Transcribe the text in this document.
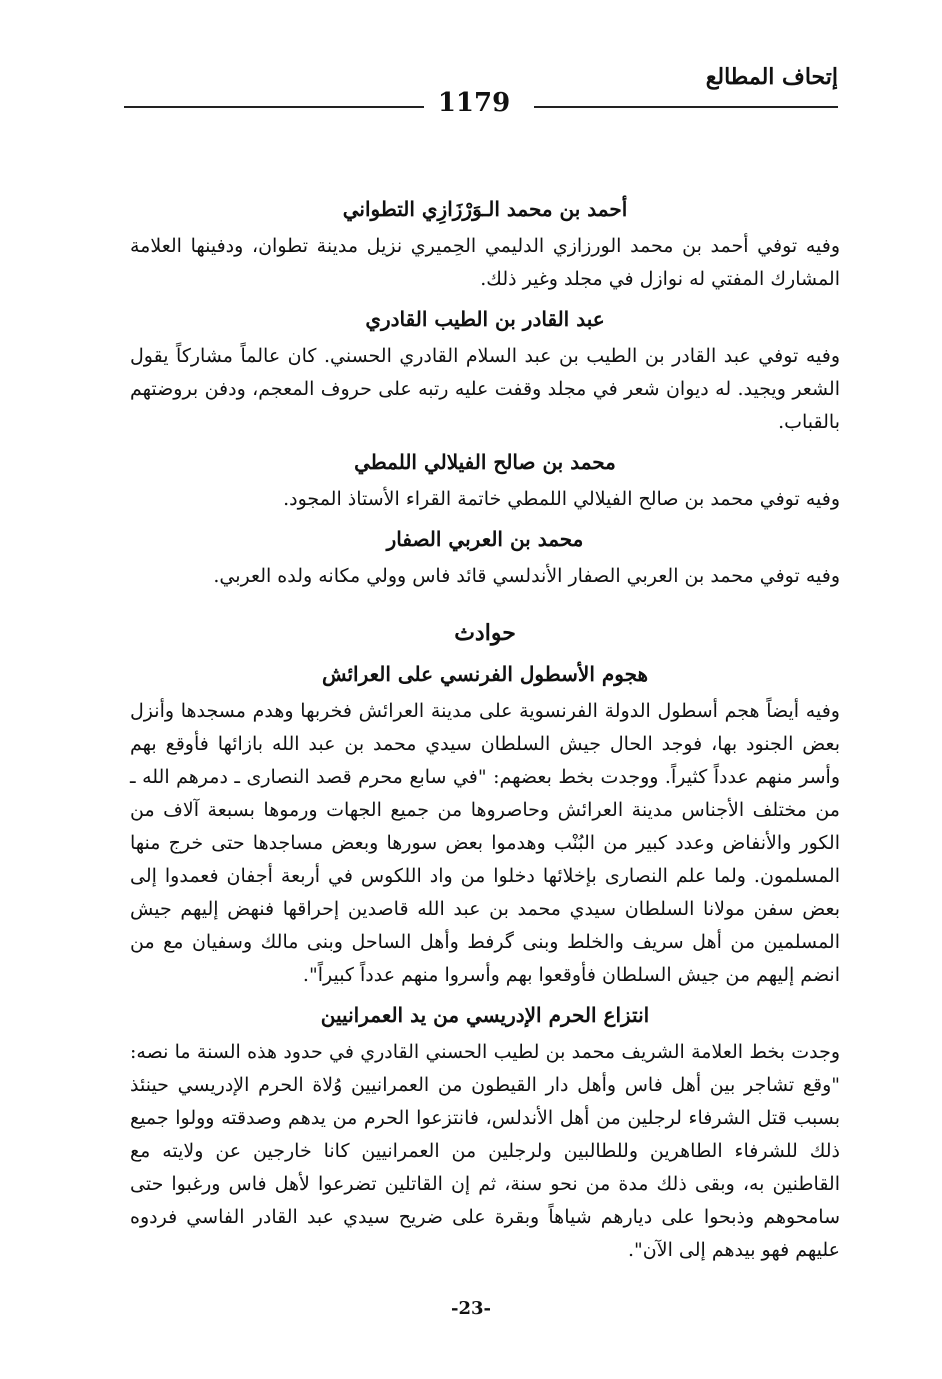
إتحاف المطالع
1179
أحمد بن محمد الـوَرْزَازِي التطواني

وفيه توفي أحمد بن محمد الورزازي الدليمي الحِميري نزيل مدينة تطوان، ودفينها العلامة المشارك المفتي له نوازل في مجلد وغير ذلك.

عبد القادر بن الطيب القادري

وفيه توفي عبد القادر بن الطيب بن عبد السلام القادري الحسني. كان عالماً مشاركاً يقول الشعر ويجيد. له ديوان شعر في مجلد وقفت عليه رتبه على حروف المعجم، ودفن بروضتهم بالقباب.

محمد بن صالح الفيلالي اللمطي

وفيه توفي محمد بن صالح الفيلالي اللمطي خاتمة القراء الأستاذ المجود.

محمد بن العربي الصفار

وفيه توفي محمد بن العربي الصفار الأندلسي قائد فاس وولي مكانه ولده العربي.

حوادث
هجوم الأسطول الفرنسي على العرائش

وفيه أيضاً هجم أسطول الدولة الفرنسوية على مدينة العرائش فخربها وهدم مسجدها وأنزل بعض الجنود بها، فوجد الحال جيش السلطان سيدي محمد بن عبد الله بازائها فأوقع بهم وأسر منهم عدداً كثيراً. ووجدت بخط بعضهم: "في سابع محرم قصد النصارى ـ دمرهم الله ـ من مختلف الأجناس مدينة العرائش وحاصروها من جميع الجهات ورموها بسبعة آلاف من الكور والأنفاض وعدد كبير من البُنْب وهدموا بعض سورها وبعض مساجدها حتى خرج منها المسلمون. ولما علم النصارى بإخلائها دخلوا من واد اللكوس في أربعة أجفان فعمدوا إلى بعض سفن مولانا السلطان سيدي محمد بن عبد الله قاصدين إحراقها فنهض إليهم جيش المسلمين من أهل سريف والخلط وبنى گرفط وأهل الساحل وبنى مالك وسفيان مع من انضم إليهم من جيش السلطان فأوقعوا بهم وأسروا منهم عدداً كبيراً".

انتزاع الحرم الإدريسي من يد العمرانيين

وجدت بخط العلامة الشريف محمد بن لطيب الحسني القادري في حدود هذه السنة ما نصه: "وقع تشاجر بين أهل فاس وأهل دار القيطون من العمرانيين وُلاة الحرم الإدريسي حينئذ بسبب قتل الشرفاء لرجلين من أهل الأندلس، فانتزعوا الحرم من يدهم وصدقته وولوا جميع ذلك للشرفاء الطاهرين وللطالبين ولرجلين من العمرانيين كانا خارجين عن ولايته مع القاطنين به، وبقى ذلك مدة من نحو سنة، ثم إن القاتلين تضرعوا لأهل فاس ورغبوا حتى سامحوهم وذبحوا على ديارهم شياهاً وبقرة على ضريح سيدي عبد القادر الفاسي فردوه عليهم فهو بيدهم إلى الآن".

-23-
